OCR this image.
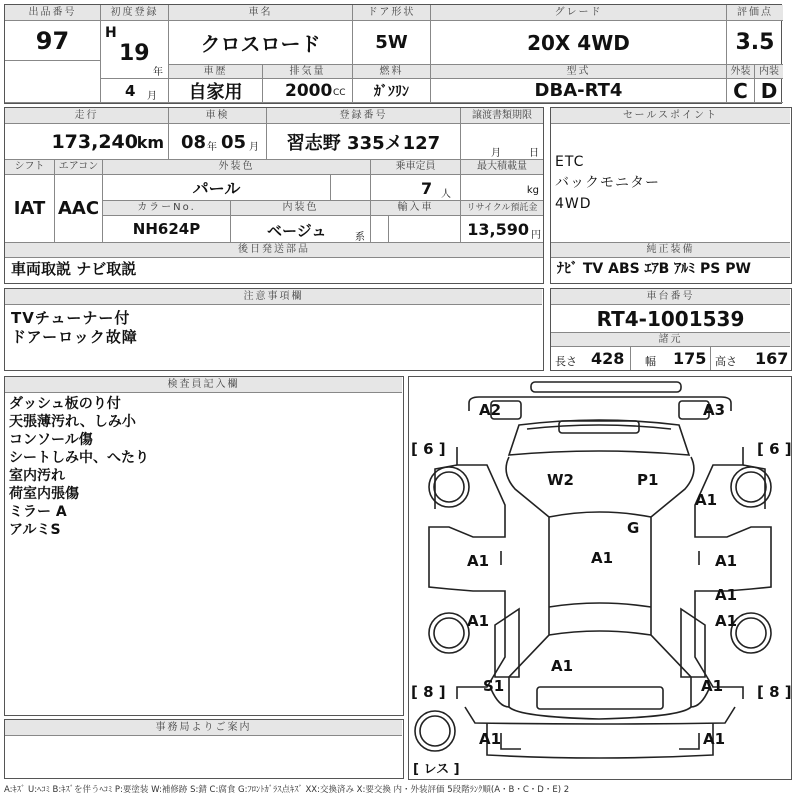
出品番号
97
初度登録
H
19
年
4 月
車名
クロスロード
ドア形状
5W
グレード
20X 4WD
評価点
3.5
車歴
自家用
排気量
2000 CC
燃料
ｶﾞｿﾘﾝ
型式
DBA-RT4
外装 内装
C D
走行
173,240
km
車検
08 年 05 月
登録番号
習志野 335メ127
譲渡書類期限
月	日
シフト
IAT
エアコン
AAC
外装色
パール
乗車定員
7 人
最大積載量
kg
カラーNo.
NH624P
内装色
ベージュ	系
輸入車	リサイクル預託金
13,590 円
後日発送部品
車両取説 ナビ取説
セールスポイント
ETC
バックモニター
4WD
純正装備
ﾅﾋﾞ TV ABS ｴｱB ｱﾙﾐ PS PW
注意事項欄
TVチューナー付
ドアーロック故障
車台番号
RT4-1001539
諸元
長さ 428 幅 175 高さ 167
検査員記入欄
ダッシュ板のり付
天張薄汚れ、しみ小
コンソール傷
シートしみ中、へたり
室内汚れ
荷室内張傷
ミラー A
アルミS
事務局よりご案内
A2	A3
W2	P1
A1
G
A1	A1	A1
A1
A1	A1
A1
S1	A1
A1	A1
[ 6 ]	[ 6 ]
[ 8 ]	[ 8 ]
[ レス ]
A:ｷｽﾞ U:ﾍｺﾐ B:ｷｽﾞを伴うﾍｺﾐ P:要塗装 W:補修跡 S:錆 C:腐食 G:ﾌﾛﾝﾄｶﾞﾗｽ点ｷｽﾞ XX:交換済み X:要交換 内・外装評価 5段階ﾗﾝｸ順(A・B・C・D・E) 2
